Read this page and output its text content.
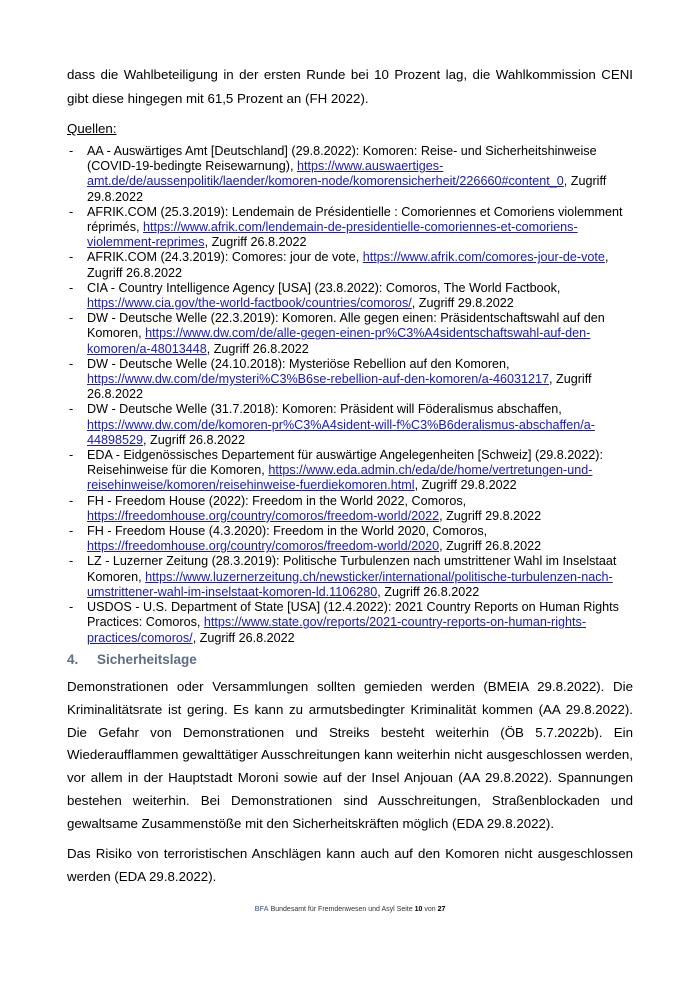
dass die Wahlbeteiligung in der ersten Runde bei 10 Prozent lag, die Wahlkommission CENI gibt diese hingegen mit 61,5 Prozent an (FH 2022).

Quellen:
- AA - Auswärtiges Amt [Deutschland] (29.8.2022): Komoren: Reise- und Sicherheitshinweise (COVID-19-bedingte Reisewarnung), https://www.auswaertiges-amt.de/de/aussenpolitik/laender/komoren-node/komorensicherheit/226660#content_0, Zugriff 29.8.2022
- AFRIK.COM (25.3.2019): Lendemain de Présidentielle : Comoriennes et Comoriens violemment réprimés, https://www.afrik.com/lendemain-de-presidentielle-comoriennes-et-comoriens-violemment-reprimes, Zugriff 26.8.2022
- AFRIK.COM (24.3.2019): Comores: jour de vote, https://www.afrik.com/comores-jour-de-vote, Zugriff 26.8.2022
- CIA - Country Intelligence Agency [USA] (23.8.2022): Comoros, The World Factbook, https://www.cia.gov/the-world-factbook/countries/comoros/, Zugriff 29.8.2022
- DW - Deutsche Welle (22.3.2019): Komoren. Alle gegen einen: Präsidentschaftswahl auf den Komoren, https://www.dw.com/de/alle-gegen-einen-pr%C3%A4sidentschaftswahl-auf-den-komoren/a-48013448, Zugriff 26.8.2022
- DW - Deutsche Welle (24.10.2018): Mysteriöse Rebellion auf den Komoren, https://www.dw.com/de/mysteri%C3%B6se-rebellion-auf-den-komoren/a-46031217, Zugriff 26.8.2022
- DW - Deutsche Welle (31.7.2018): Komoren: Präsident will Föderalismus abschaffen, https://www.dw.com/de/komoren-pr%C3%A4sident-will-f%C3%B6deralismus-abschaffen/a-44898529, Zugriff 26.8.2022
- EDA - Eidgenössisches Departement für auswärtige Angelegenheiten [Schweiz] (29.8.2022): Reisehinweise für die Komoren, https://www.eda.admin.ch/eda/de/home/vertretungen-und-reisehinweise/komoren/reisehinweise-fuerdiekomoren.html, Zugriff 29.8.2022
- FH - Freedom House (2022): Freedom in the World 2022, Comoros, https://freedomhouse.org/country/comoros/freedom-world/2022, Zugriff 29.8.2022
- FH - Freedom House (4.3.2020): Freedom in the World 2020, Comoros, https://freedomhouse.org/country/comoros/freedom-world/2020, Zugriff 26.8.2022
- LZ - Luzerner Zeitung (28.3.2019): Politische Turbulenzen nach umstrittener Wahl im Inselstaat Komoren, https://www.luzernerzeitung.ch/newsticker/international/politische-turbulenzen-nach-umstrittener-wahl-im-inselstaat-komoren-ld.1106280, Zugriff 26.8.2022
- USDOS - U.S. Department of State [USA] (12.4.2022): 2021 Country Reports on Human Rights Practices: Comoros, https://www.state.gov/reports/2021-country-reports-on-human-rights-practices/comoros/, Zugriff 26.8.2022
4. Sicherheitslage

Demonstrationen oder Versammlungen sollten gemieden werden (BMEIA 29.8.2022). Die Kriminalitätsrate ist gering. Es kann zu armutsbedingter Kriminalität kommen (AA 29.8.2022). Die Gefahr von Demonstrationen und Streiks besteht weiterhin (ÖB 5.7.2022b). Ein Wiederaufflammen gewalttätiger Ausschreitungen kann weiterhin nicht ausgeschlossen werden, vor allem in der Hauptstadt Moroni sowie auf der Insel Anjouan (AA 29.8.2022). Spannungen bestehen weiterhin. Bei Demonstrationen sind Ausschreitungen, Straßenblockaden und gewaltsame Zusammenstöße mit den Sicherheitskräften möglich (EDA 29.8.2022).

Das Risiko von terroristischen Anschlägen kann auch auf den Komoren nicht ausgeschlossen werden (EDA 29.8.2022).

BFA Bundesamt für Fremdenwesen und Asyl Seite 10 von 27
